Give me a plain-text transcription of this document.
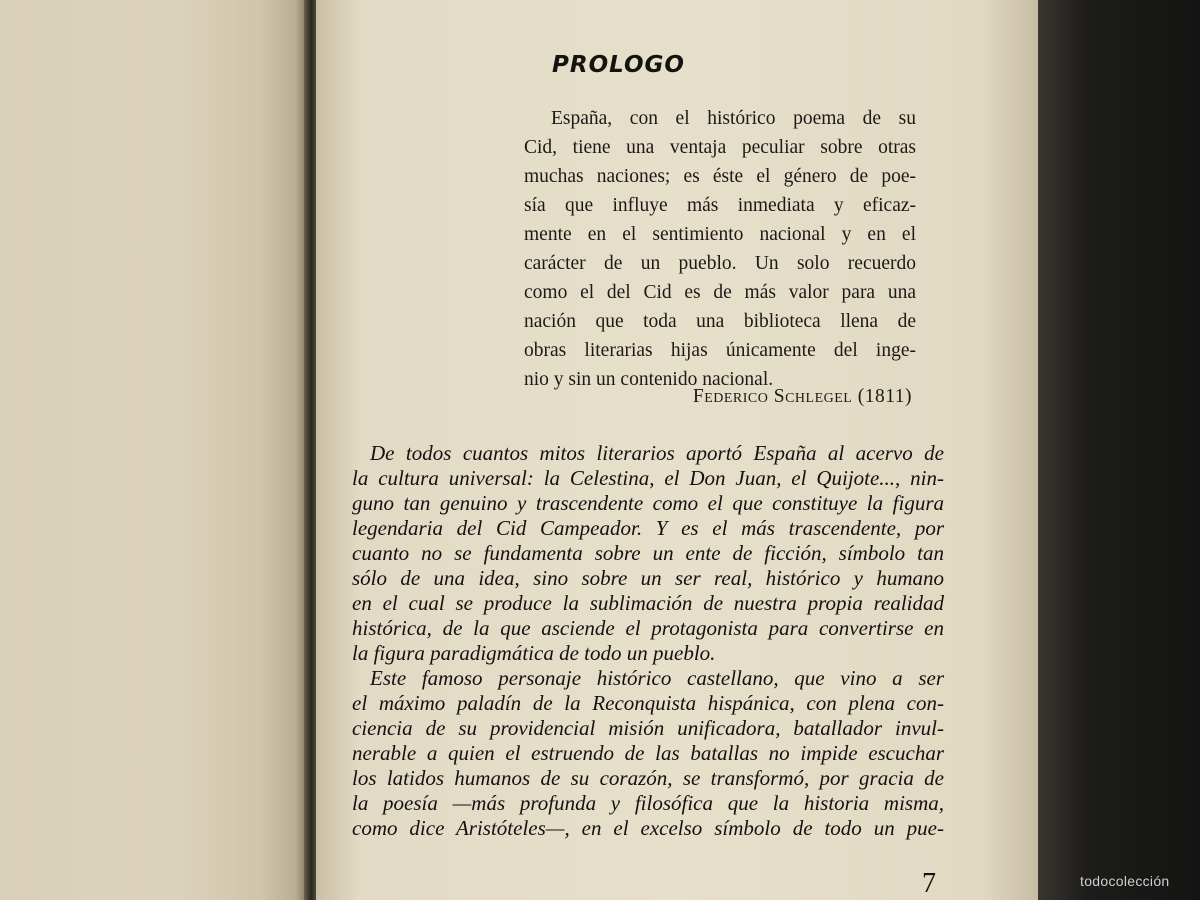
PROLOGO
España, con el histórico poema de su
Cid, tiene una ventaja peculiar sobre otras
muchas naciones; es éste el género de poe-
sía que influye más inmediata y eficaz-
mente en el sentimiento nacional y en el
carácter de un pueblo. Un solo recuerdo
como el del Cid es de más valor para una
nación que toda una biblioteca llena de
obras literarias hijas únicamente del inge-
nio y sin un contenido nacional.
Federico Schlegel (1811)
De todos cuantos mitos literarios aportó España al acervo de
la cultura universal: la Celestina, el Don Juan, el Quijote..., nin-
guno tan genuino y trascendente como el que constituye la figura
legendaria del Cid Campeador. Y es el más trascendente, por
cuanto no se fundamenta sobre un ente de ficción, símbolo tan
sólo de una idea, sino sobre un ser real, histórico y humano
en el cual se produce la sublimación de nuestra propia realidad
histórica, de la que asciende el protagonista para convertirse en
la figura paradigmática de todo un pueblo.
Este famoso personaje histórico castellano, que vino a ser
el máximo paladín de la Reconquista hispánica, con plena con-
ciencia de su providencial misión unificadora, batallador invul-
nerable a quien el estruendo de las batallas no impide escuchar
los latidos humanos de su corazón, se transformó, por gracia de
la poesía —más profunda y filosófica que la historia misma,
como dice Aristóteles—, en el excelso símbolo de todo un pue-
7	todocolección
